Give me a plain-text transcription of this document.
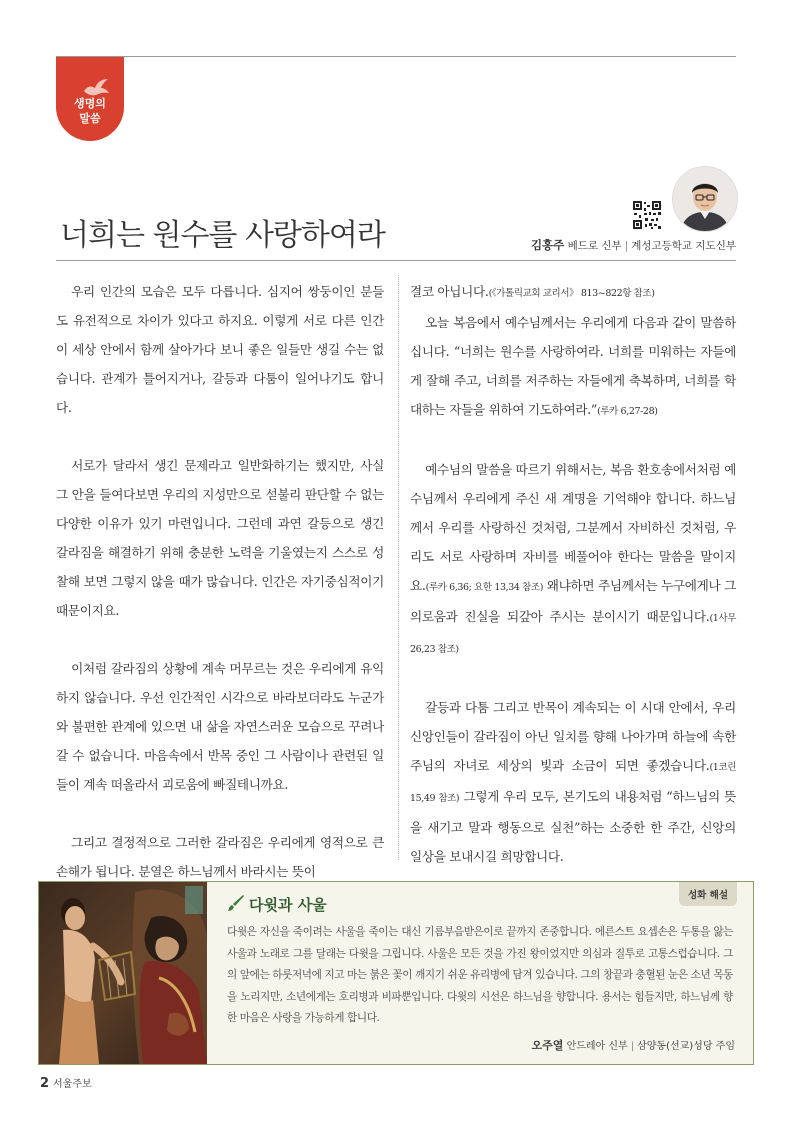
생명의
말씀
너희는 원수를 사랑하여라	김홍주 베드로 신부 | 계성고등학교 지도신부

우리 인간의 모습은 모두 다릅니다. 심지어 쌍둥이인 분들도 유전적으로 차이가 있다고 하지요. 이렇게 서로 다른 인간이 세상 안에서 함께 살아가다 보니 좋은 일들만 생길 수는 없습니다. 관계가 틀어지거나, 갈등과 다툼이 일어나기도 합니다.

서로가 달라서 생긴 문제라고 일반화하기는 했지만, 사실 그 안을 들여다보면 우리의 지성만으로 섣불리 판단할 수 없는 다양한 이유가 있기 마련입니다. 그런데 과연 갈등으로 생긴 갈라짐을 해결하기 위해 충분한 노력을 기울였는지 스스로 성찰해 보면 그렇지 않을 때가 많습니다. 인간은 자기중심적이기 때문이지요.

이처럼 갈라짐의 상황에 계속 머무르는 것은 우리에게 유익하지 않습니다. 우선 인간적인 시각으로 바라보더라도 누군가와 불편한 관계에 있으면 내 삶을 자연스러운 모습으로 꾸려나갈 수 없습니다. 마음속에서 반목 중인 그 사람이나 관련된 일들이 계속 떠올라서 괴로움에 빠질테니까요.

그리고 결정적으로 그러한 갈라짐은 우리에게 영적으로 큰 손해가 됩니다. 분열은 하느님께서 바라시는 뜻이

결코 아닙니다.(《가톨릭교회 교리서》 813~822항 참조)

오늘 복음에서 예수님께서는 우리에게 다음과 같이 말씀하십니다. “너희는 원수를 사랑하여라. 너희를 미워하는 자들에게 잘해 주고, 너희를 저주하는 자들에게 축복하며, 너희를 학대하는 자들을 위하여 기도하여라.”(루카 6,27-28)

예수님의 말씀을 따르기 위해서는, 복음 환호송에서처럼 예수님께서 우리에게 주신 새 계명을 기억해야 합니다. 하느님께서 우리를 사랑하신 것처럼, 그분께서 자비하신 것처럼, 우리도 서로 사랑하며 자비를 베풀어야 한다는 말씀을 말이지요.(루카 6,36; 요한 13,34 참조) 왜냐하면 주님께서는 누구에게나 그 의로움과 진실을 되갚아 주시는 분이시기 때문입니다.(1사무 26,23 참조)

갈등과 다툼 그리고 반목이 계속되는 이 시대 안에서, 우리 신앙인들이 갈라짐이 아닌 일치를 향해 나아가며 하늘에 속한 주님의 자녀로 세상의 빛과 소금이 되면 좋겠습니다.(1코린 15,49 참조) 그렇게 우리 모두, 본기도의 내용처럼 “하느님의 뜻을 새기고 말과 행동으로 실천”하는 소중한 한 주간, 신앙의 일상을 보내시길 희망합니다.

다윗과 사울
성화 해설

다윗은 자신을 죽이려는 사울을 죽이는 대신 기름부음받은이로 끝까지 존중합니다. 에른스트 요셉손은 두통을 앓는 사울과 노래로 그를 달래는 다윗을 그립니다. 사울은 모든 것을 가진 왕이었지만 의심과 질투로 고통스럽습니다. 그의 앞에는 하룻저녁에 지고 마는 붉은 꽃이 깨지기 쉬운 유리병에 담겨 있습니다. 그의 창끝과 충혈된 눈은 소년 목동을 노리지만, 소년에게는 호리병과 비파뿐입니다. 다윗의 시선은 하느님을 향합니다. 용서는 힘들지만, 하느님께 향한 마음은 사랑을 가능하게 합니다.

오주열 안드레아 신부 | 삼양동(선교)성당 주임
2 서울주보
